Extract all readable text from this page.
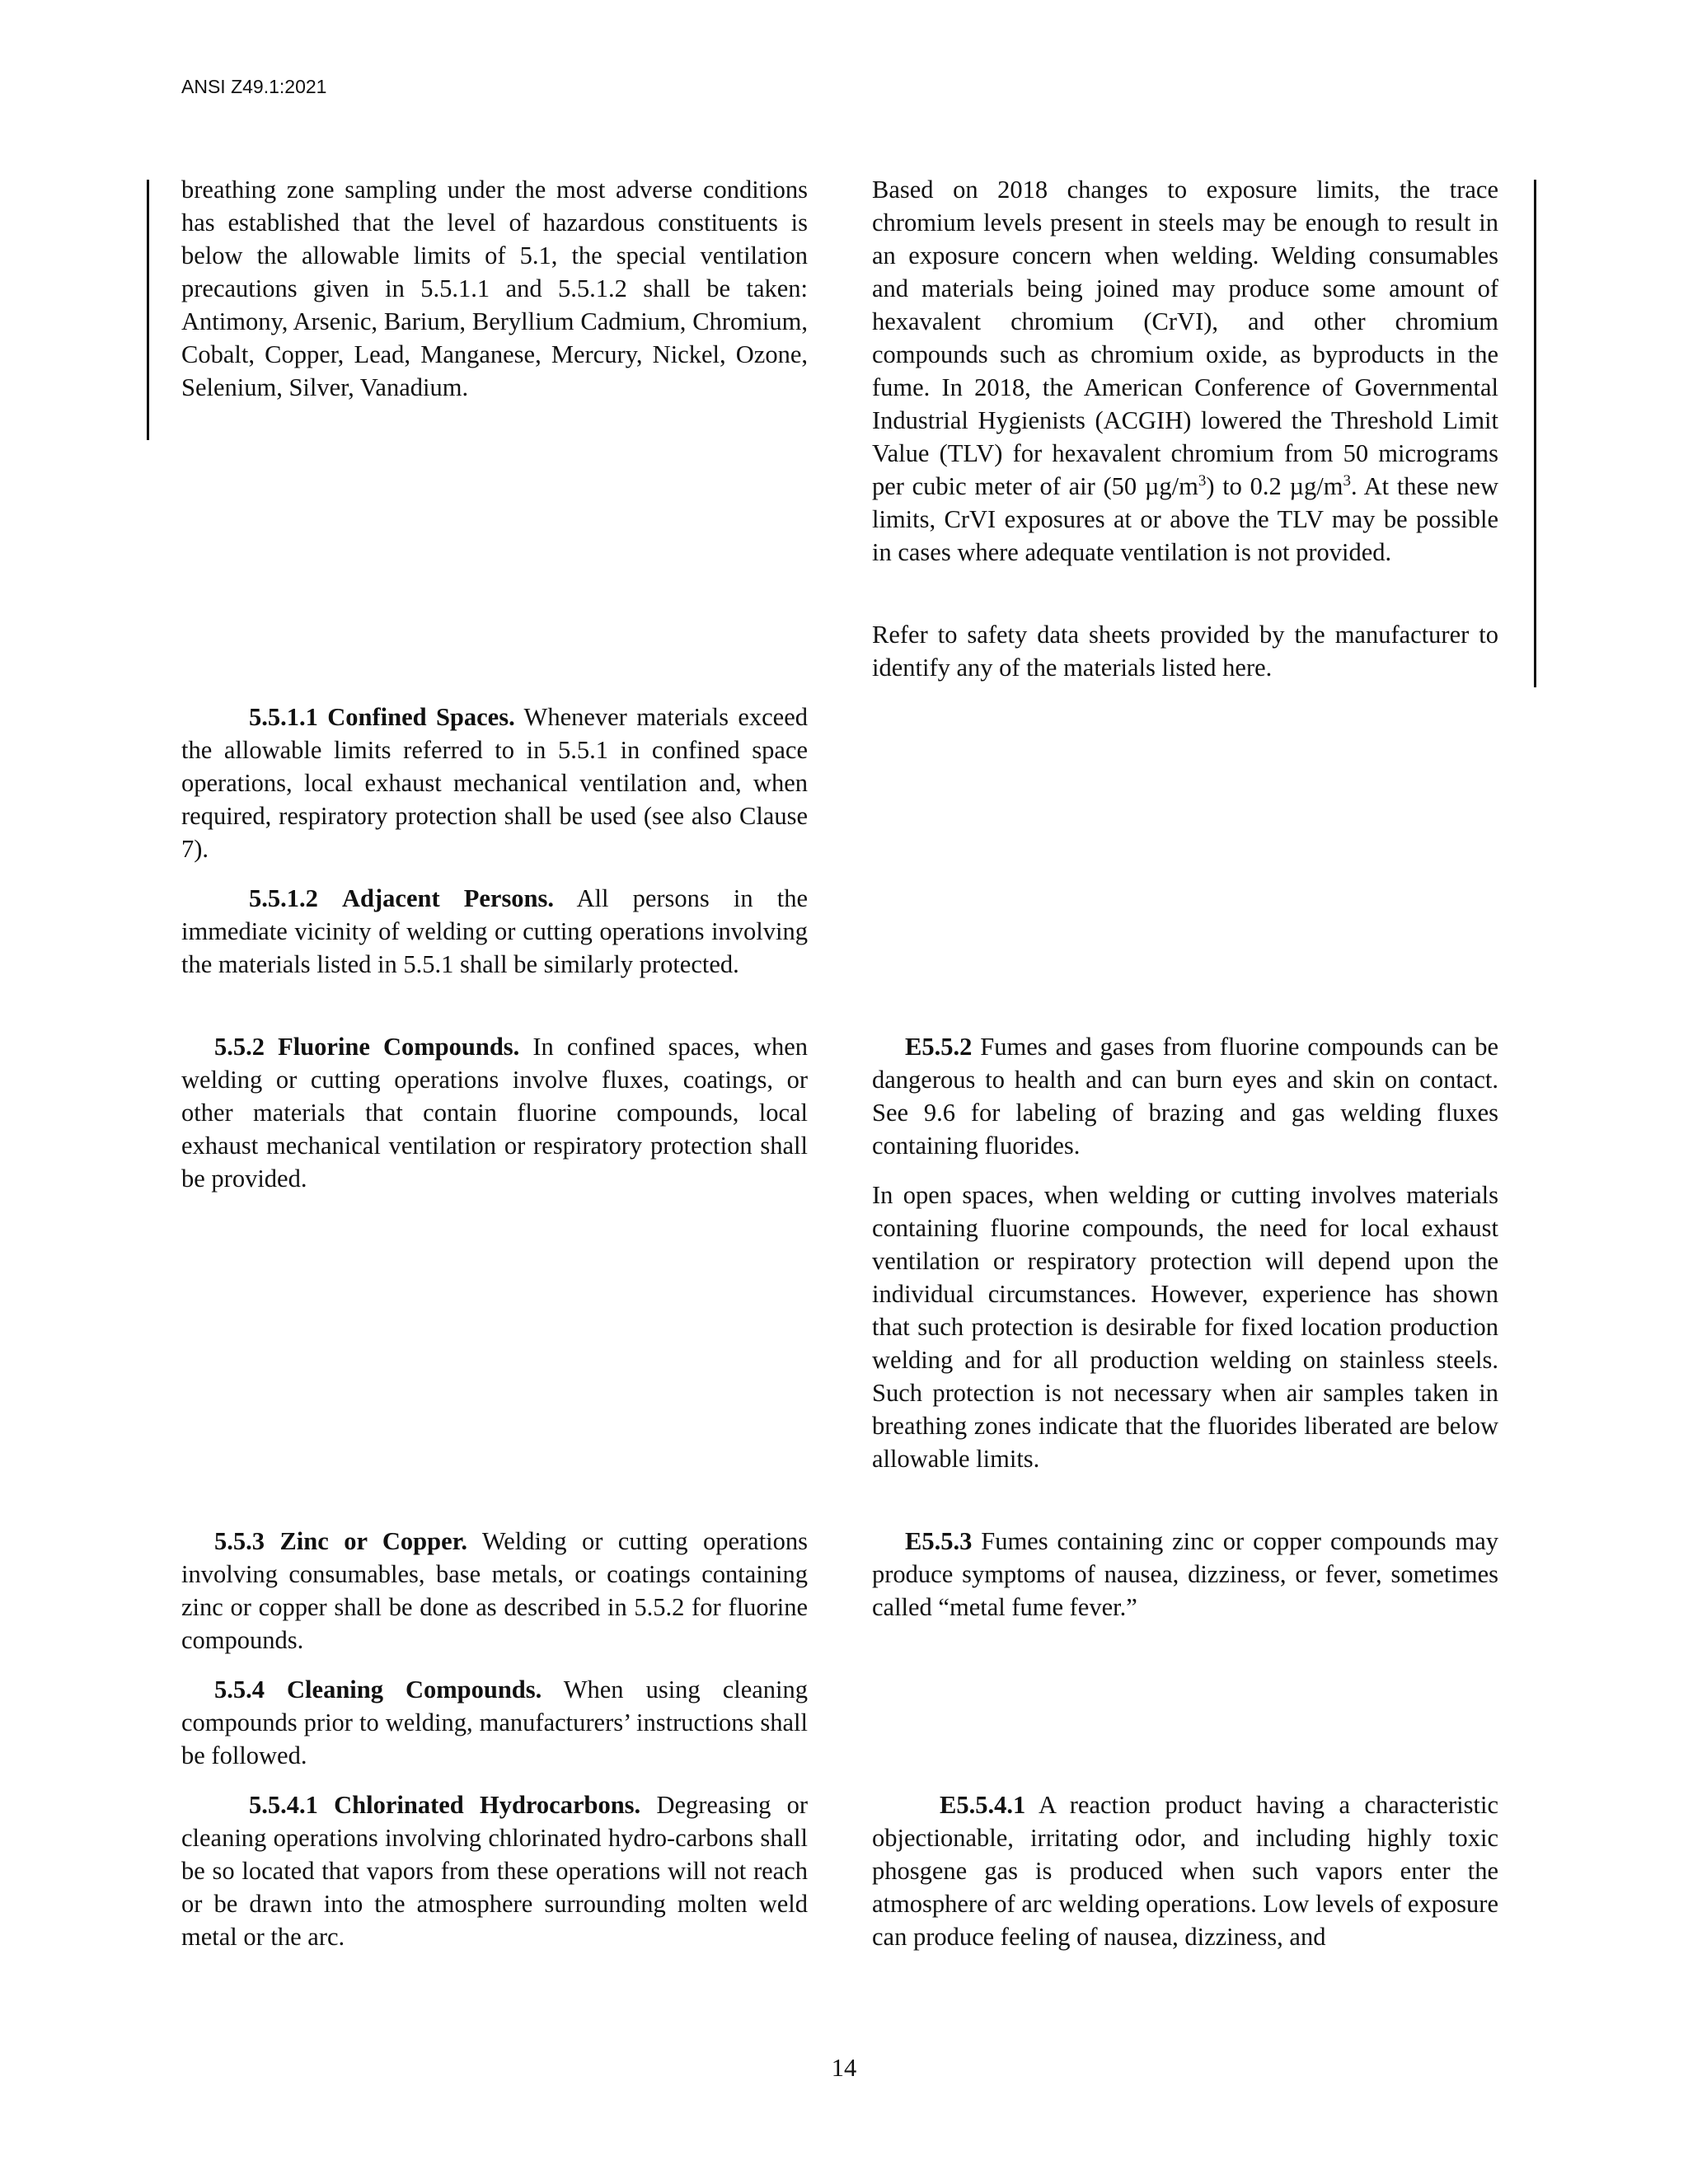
ANSI Z49.1:2021

breathing zone sampling under the most adverse conditions has established that the level of hazardous constituents is below the allowable limits of 5.1, the special ventilation precautions given in 5.5.1.1 and 5.5.1.2 shall be taken: Antimony, Arsenic, Barium, Beryllium Cadmium, Chromium, Cobalt, Copper, Lead, Manganese, Mercury, Nickel, Ozone, Selenium, Silver, Vanadium.

5.5.1.1 Confined Spaces. Whenever materials exceed the allowable limits referred to in 5.5.1 in confined space operations, local exhaust mechanical ventilation and, when required, respiratory protection shall be used (see also Clause 7).

5.5.1.2 Adjacent Persons. All persons in the immediate vicinity of welding or cutting operations involving the materials listed in 5.5.1 shall be similarly protected.

5.5.2 Fluorine Compounds. In confined spaces, when welding or cutting operations involve fluxes, coatings, or other materials that contain fluorine compounds, local exhaust mechanical ventilation or respiratory protection shall be provided.

5.5.3 Zinc or Copper. Welding or cutting operations involving consumables, base metals, or coatings containing zinc or copper shall be done as described in 5.5.2 for fluorine compounds.

5.5.4 Cleaning Compounds. When using cleaning compounds prior to welding, manufacturers’ instructions shall be followed.

5.5.4.1 Chlorinated Hydrocarbons. Degreasing or cleaning operations involving chlorinated hydro-carbons shall be so located that vapors from these operations will not reach or be drawn into the atmosphere surrounding molten weld metal or the arc.

Based on 2018 changes to exposure limits, the trace chromium levels present in steels may be enough to result in an exposure concern when welding. Welding consumables and materials being joined may produce some amount of hexavalent chromium (CrVI), and other chromium compounds such as chromium oxide, as byproducts in the fume. In 2018, the American Conference of Governmental Industrial Hygienists (ACGIH) lowered the Threshold Limit Value (TLV) for hexavalent chromium from 50 micrograms per cubic meter of air (50 $\mu g/m^3$) to 0.2 $\mu g/m^3$. At these new limits, CrVI exposures at or above the TLV may be possible in cases where adequate ventilation is not provided.

Refer to safety data sheets provided by the manufacturer to identify any of the materials listed here.

E5.5.2 Fumes and gases from fluorine compounds can be dangerous to health and can burn eyes and skin on contact. See 9.6 for labeling of brazing and gas welding fluxes containing fluorides.

In open spaces, when welding or cutting involves materials containing fluorine compounds, the need for local exhaust ventilation or respiratory protection will depend upon the individual circumstances. However, experience has shown that such protection is desirable for fixed location production welding and for all production welding on stainless steels. Such protection is not necessary when air samples taken in breathing zones indicate that the fluorides liberated are below allowable limits.

E5.5.3 Fumes containing zinc or copper compounds may produce symptoms of nausea, dizziness, or fever, sometimes called “metal fume fever.”

E5.5.4.1 A reaction product having a characteristic objectionable, irritating odor, and including highly toxic phosgene gas is produced when such vapors enter the atmosphere of arc welding operations. Low levels of exposure can produce feeling of nausea, dizziness, and

14
